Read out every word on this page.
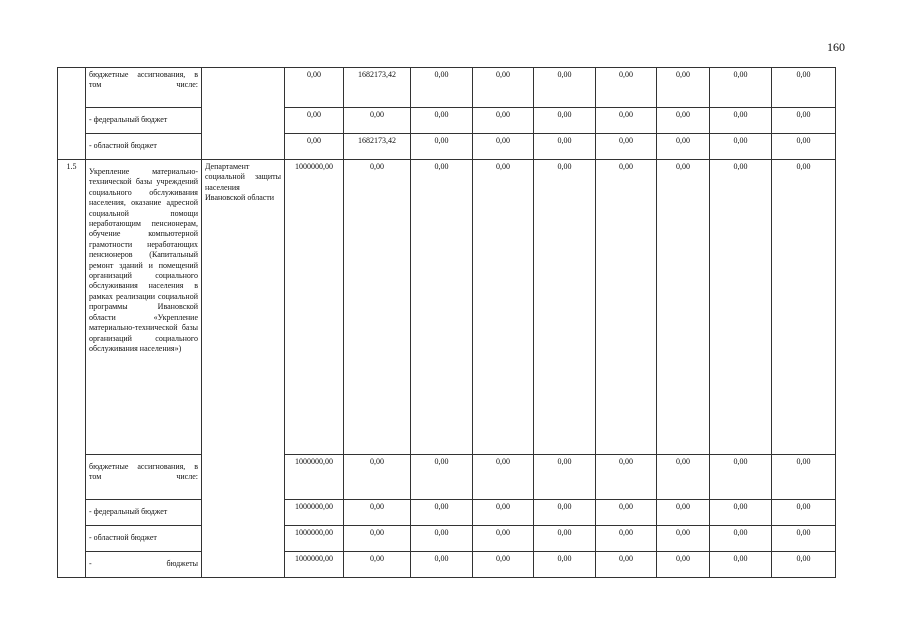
160
	бюджетные ассигнования, в том числе:		0,00	1682173,42	0,00	0,00	0,00	0,00	0,00	0,00	0,00
	- федеральный бюджет		0,00	0,00	0,00	0,00	0,00	0,00	0,00	0,00	0,00
	- областной бюджет		0,00	1682173,42	0,00	0,00	0,00	0,00	0,00	0,00	0,00
1.5	Укрепление материально-технической базы учреждений социального обслуживания населения, оказание адресной социальной помощи неработающим пенсионерам, обучение компьютерной грамотности неработающих пенсионеров (Капитальный ремонт зданий и помещений организаций социального обслуживания населения в рамках реализации социальной программы Ивановской области «Укрепление материально-технической базы организаций социального обслуживания населения»)	Департамент социальной защиты населения Ивановской области	1000000,00	0,00	0,00	0,00	0,00	0,00	0,00	0,00	0,00
	бюджетные ассигнования, в том числе:		1000000,00	0,00	0,00	0,00	0,00	0,00	0,00	0,00	0,00
	- федеральный бюджет		1000000,00	0,00	0,00	0,00	0,00	0,00	0,00	0,00	0,00
	- областной бюджет		1000000,00	0,00	0,00	0,00	0,00	0,00	0,00	0,00	0,00

	- бюджеты		1000000,00	0,00	0,00	0,00	0,00	0,00	0,00	0,00	0,00
